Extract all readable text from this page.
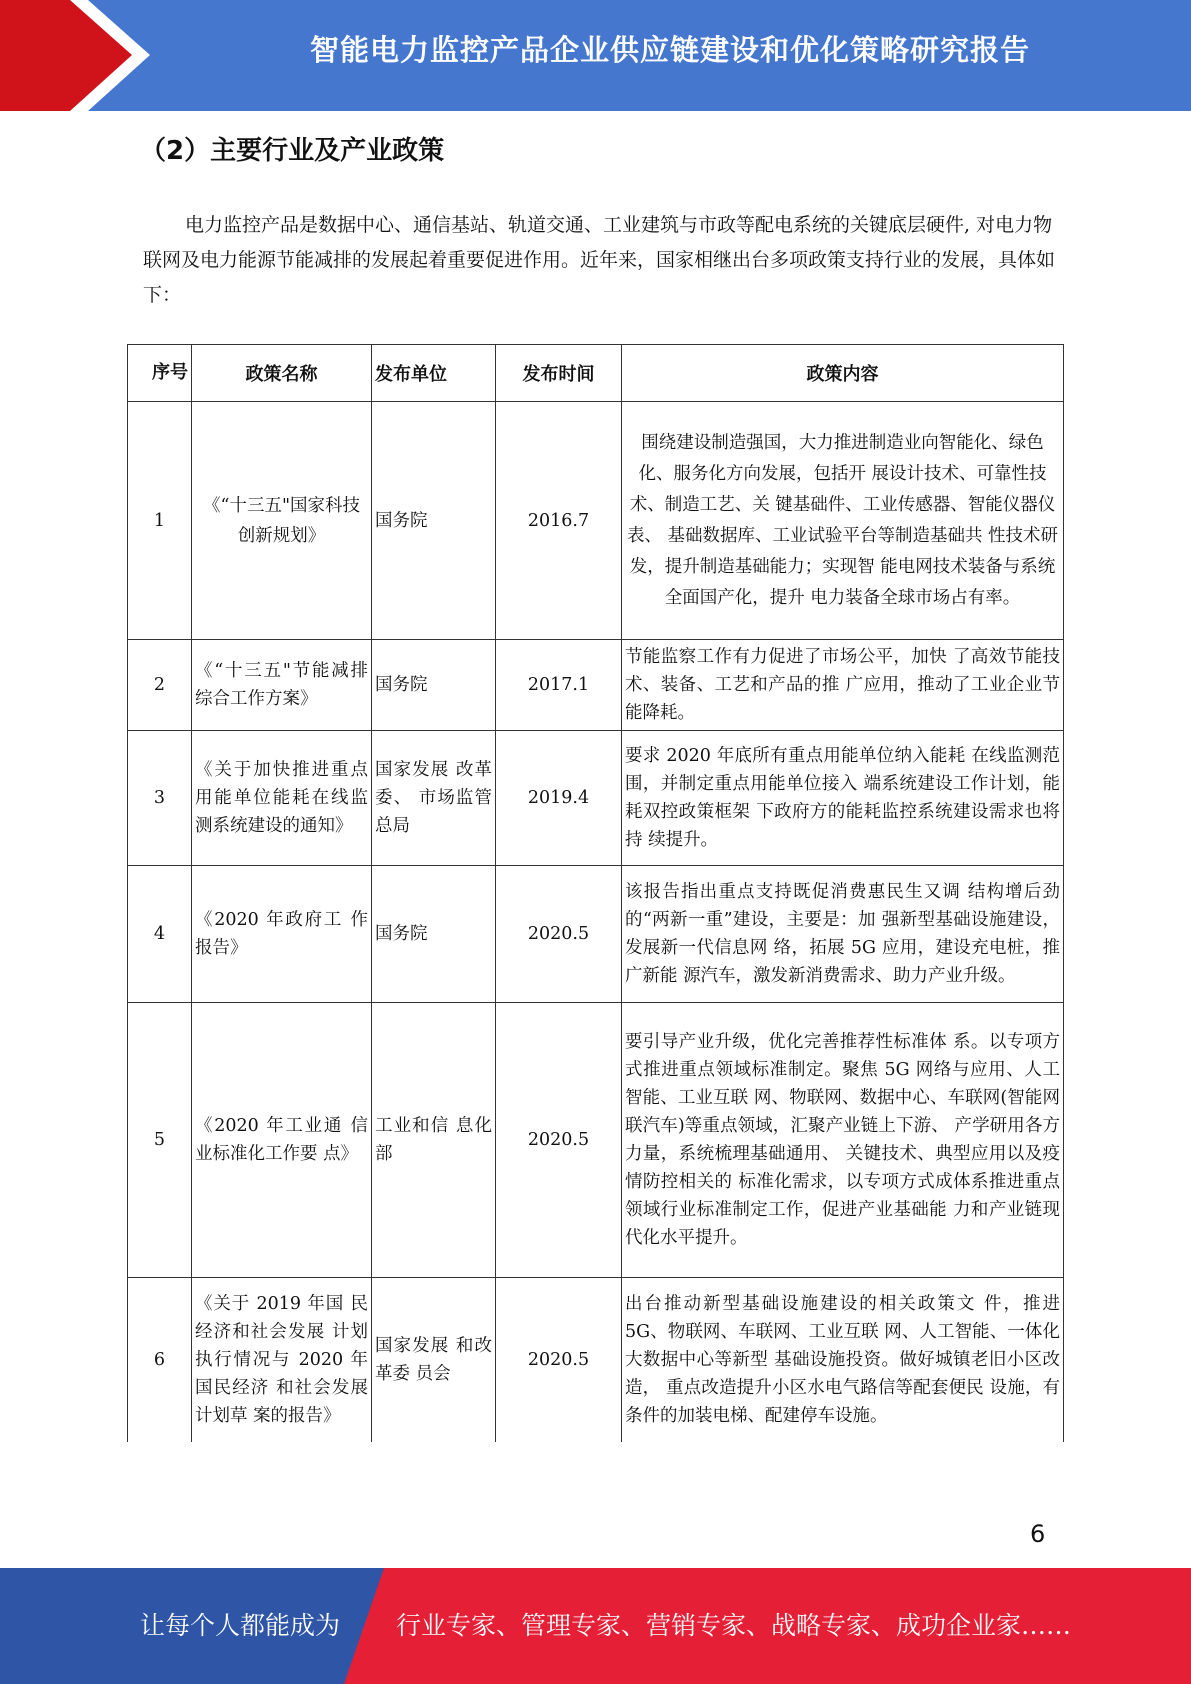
智能电力监控产品企业供应链建设和优化策略研究报告
（2）主要行业及产业政策
电力监控产品是数据中心、通信基站、轨道交通、工业建筑与市政等配电系统的关键底层硬件, 对电力物联网及电力能源节能减排的发展起着重要促进作用。近年来，国家相继出台多项政策支持行业的发展，具体如下：
序号	政策名称	发布单位	发布时间	政策内容
1	《“十三五"国家科技创新规划》	国务院	2016.7	围绕建设制造强国，大力推进制造业向智能化、绿色化、服务化方向发展，包括开 展设计技术、可靠性技术、制造工艺、关 键基础件、工业传感器、智能仪器仪表、 基础数据库、工业试验平台等制造基础共 性技术研发，提升制造基础能力；实现智 能电网技术装备与系统全面国产化，提升 电力装备全球市场占有率。
2	《“十三五"节能减排综合工作方案》	国务院	2017.1	节能监察工作有力促进了市场公平，加快 了高效节能技术、装备、工艺和产品的推 广应用，推动了工业企业节能降耗。
3	《关于加快推进重点用能单位能耗在线监测系统建设的通知》	国家发展 改革委、 市场监管 总局	2019.4	要求 2020 年底所有重点用能单位纳入能耗 在线监测范围，并制定重点用能单位接入 端系统建设工作计划，能耗双控政策框架 下政府方的能耗监控系统建设需求也将持 续提升。
4	《2020 年政府工 作报告》	国务院	2020.5	该报告指出重点支持既促消费惠民生又调 结构增后劲的“两新一重”建设，主要是：加 强新型基础设施建设，发展新一代信息网 络，拓展 5G 应用，建设充电桩，推广新能 源汽车，激发新消费需求、助力产业升级。
5	《2020 年工业通 信业标准化工作要 点》	工业和信 息化部	2020.5	要引导产业升级，优化完善推荐性标准体 系。以专项方式推进重点领域标准制定。聚焦 5G 网络与应用、人工智能、工业互联 网、物联网、数据中心、车联网(智能网 联汽车)等重点领域，汇聚产业链上下游、 产学研用各方力量，系统梳理基础通用、 关键技术、典型应用以及疫情防控相关的 标准化需求，以专项方式成体系推进重点 领域行业标准制定工作，促进产业基础能 力和产业链现代化水平提升。
6	《关于 2019 年国 民经济和社会发展 计划执行情况与 2020 年国民经济 和社会发展计划草 案的报告》	国家发展 和改革委 员会	2020.5	出台推动新型基础设施建设的相关政策文 件，推进 5G、物联网、车联网、工业互联 网、人工智能、一体化大数据中心等新型 基础设施投资。做好城镇老旧小区改造， 重点改造提升小区水电气路信等配套便民 设施，有条件的加装电梯、配建停车设施。
6
让每个人都能成为 行业专家、管理专家、营销专家、战略专家、成功企业家……
